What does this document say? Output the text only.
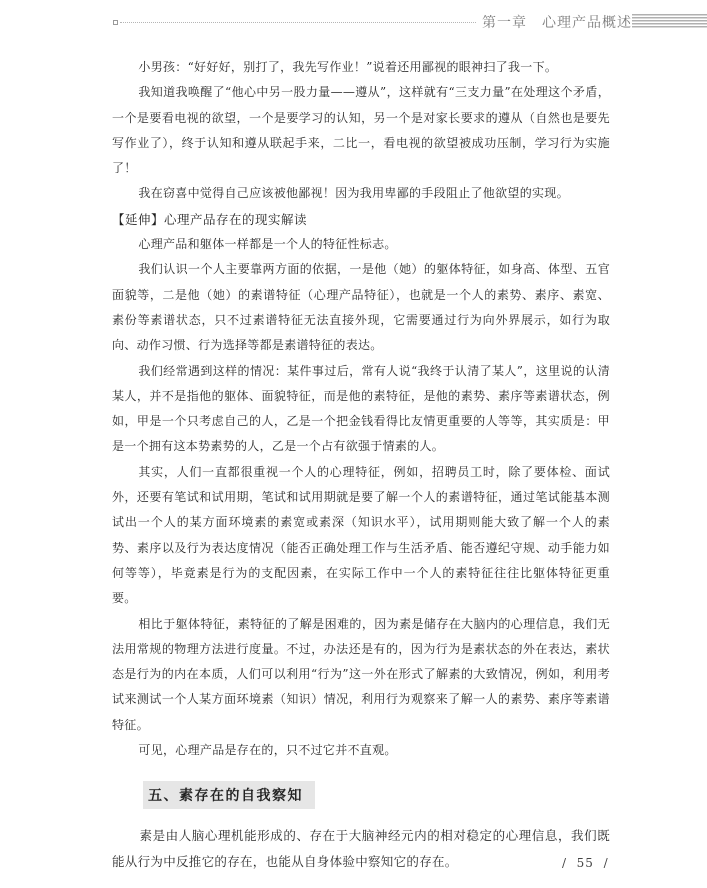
第一章　心理产品概述

小男孩：“好好好，别打了，我先写作业！”说着还用鄙视的眼神扫了我一下。

我知道我唤醒了“他心中另一股力量——遵从”，这样就有“三支力量”在处理这个矛盾，一个是要看电视的欲望，一个是要学习的认知，另一个是对家长要求的遵从（自然也是要先写作业了），终于认知和遵从联起手来，二比一，看电视的欲望被成功压制，学习行为实施了！

我在窃喜中觉得自己应该被他鄙视！因为我用卑鄙的手段阻止了他欲望的实现。

【延伸】心理产品存在的现实解读

心理产品和躯体一样都是一个人的特征性标志。

我们认识一个人主要靠两方面的依据，一是他（她）的躯体特征，如身高、体型、五官面貌等，二是他（她）的素谱特征（心理产品特征），也就是一个人的素势、素序、素宽、素份等素谱状态，只不过素谱特征无法直接外现，它需要通过行为向外界展示，如行为取向、动作习惯、行为选择等都是素谱特征的表达。

我们经常遇到这样的情况：某件事过后，常有人说“我终于认清了某人”，这里说的认清某人，并不是指他的躯体、面貌特征，而是他的素特征，是他的素势、素序等素谱状态，例如，甲是一个只考虑自己的人，乙是一个把金钱看得比友情更重要的人等等，其实质是：甲是一个拥有这本势素势的人，乙是一个占有欲强于情素的人。

其实，人们一直都很重视一个人的心理特征，例如，招聘员工时，除了要体检、面试外，还要有笔试和试用期，笔试和试用期就是要了解一个人的素谱特征，通过笔试能基本测试出一个人的某方面环境素的素宽或素深（知识水平），试用期则能大致了解一个人的素势、素序以及行为表达度情况（能否正确处理工作与生活矛盾、能否遵纪守规、动手能力如何等等），毕竟素是行为的支配因素，在实际工作中一个人的素特征往往比躯体特征更重要。

相比于躯体特征，素特征的了解是困难的，因为素是储存在大脑内的心理信息，我们无法用常规的物理方法进行度量。不过，办法还是有的，因为行为是素状态的外在表达，素状态是行为的内在本质，人们可以利用“行为”这一外在形式了解素的大致情况，例如，利用考试来测试一个人某方面环境素（知识）情况，利用行为观察来了解一人的素势、素序等素谱特征。

可见，心理产品是存在的，只不过它并不直观。

五、素存在的自我察知

素是由人脑心理机能形成的、存在于大脑神经元内的相对稳定的心理信息，我们既能从行为中反推它的存在，也能从自身体验中察知它的存在。	/  55  /
